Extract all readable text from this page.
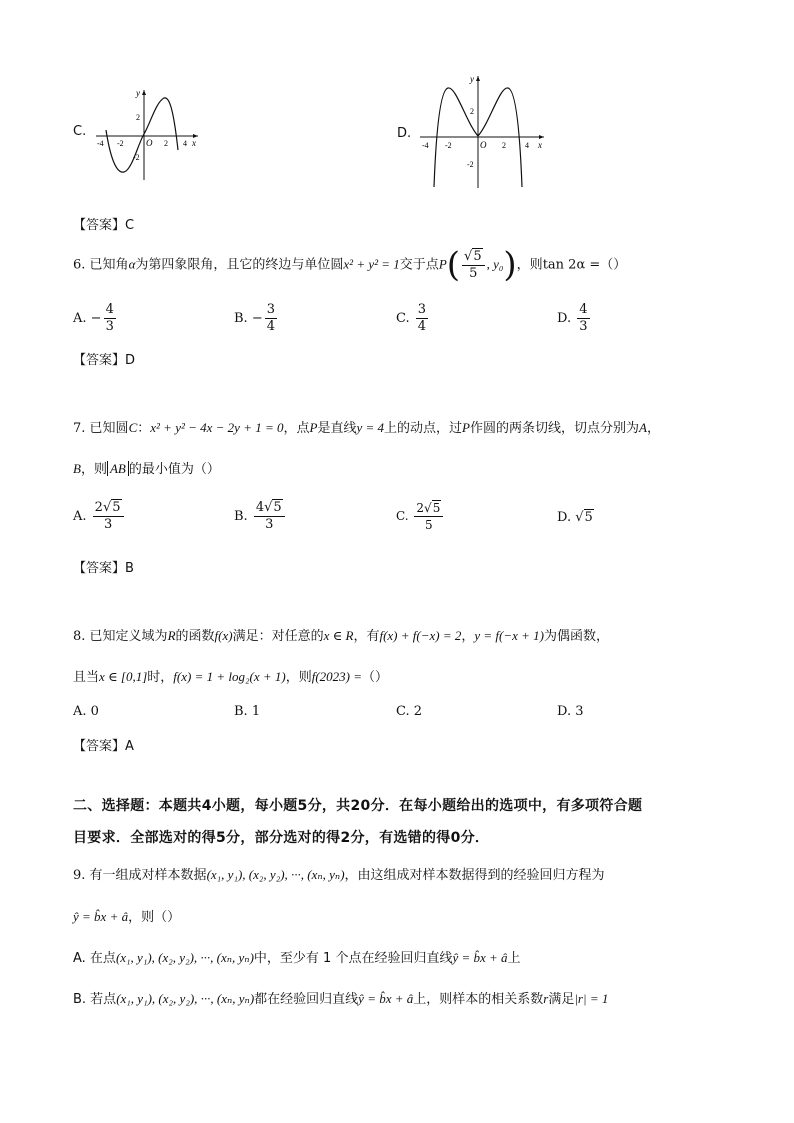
C.
y
x
O
2
-2
-4 -2	2 4
D.
y
x
O
2
-2
-4 -2	2 4
【答案】C
6. 已知角α为第四象限角，且它的终边与单位圆x² + y² = 1交于点$P( \frac{√5}{5}$ , y₀)，则tan 2α =（）
A. − $\frac{4}{3}$	B. − $\frac{3}{4}$	C. $\frac{3}{4}$	D. $\frac{4}{3}$
【答案】D
7. 已知圆C：x² + y² − 4x − 2y + 1 = 0，点P是直线y = 4上的动点，过P作圆的两条切线，切点分别为A，
B，则 AB 的最小值为（）
A. $\frac{2√5}{3}$	B. $\frac{4√5}{3}$	C. $\frac{2√5}{5}$	D. √5
【答案】B
8. 已知定义域为R的函数f(x)满足：对任意的x ∈ R，有f(x) + f(−x) = 2，y = f(−x + 1)为偶函数，
且当x ∈ [0,1]时，f(x) = 1 + log₂(x + 1)，则f(2023) =（）
A. 0	B. 1	C. 2	D. 3
【答案】A
二、选择题：本题共4小题，每小题5分，共20分．在每小题给出的选项中，有多项符合题
目要求．全部选对的得5分，部分选对的得2分，有选错的得0分．
9. 有一组成对样本数据(x₁, y₁), (x₂, y₂), ···, (xₙ, yₙ)，由这组成对样本数据得到的经验回归方程为
ŷ = b̂x + â，则（）
A. 在点(x₁, y₁), (x₂, y₂), ···, (xₙ, yₙ)中，至少有 1 个点在经验回归直线ŷ = b̂x + â上
B. 若点(x₁, y₁), (x₂, y₂), ···, (xₙ, yₙ)都在经验回归直线ŷ = b̂x + â上，则样本的相关系数r满足|r| = 1
